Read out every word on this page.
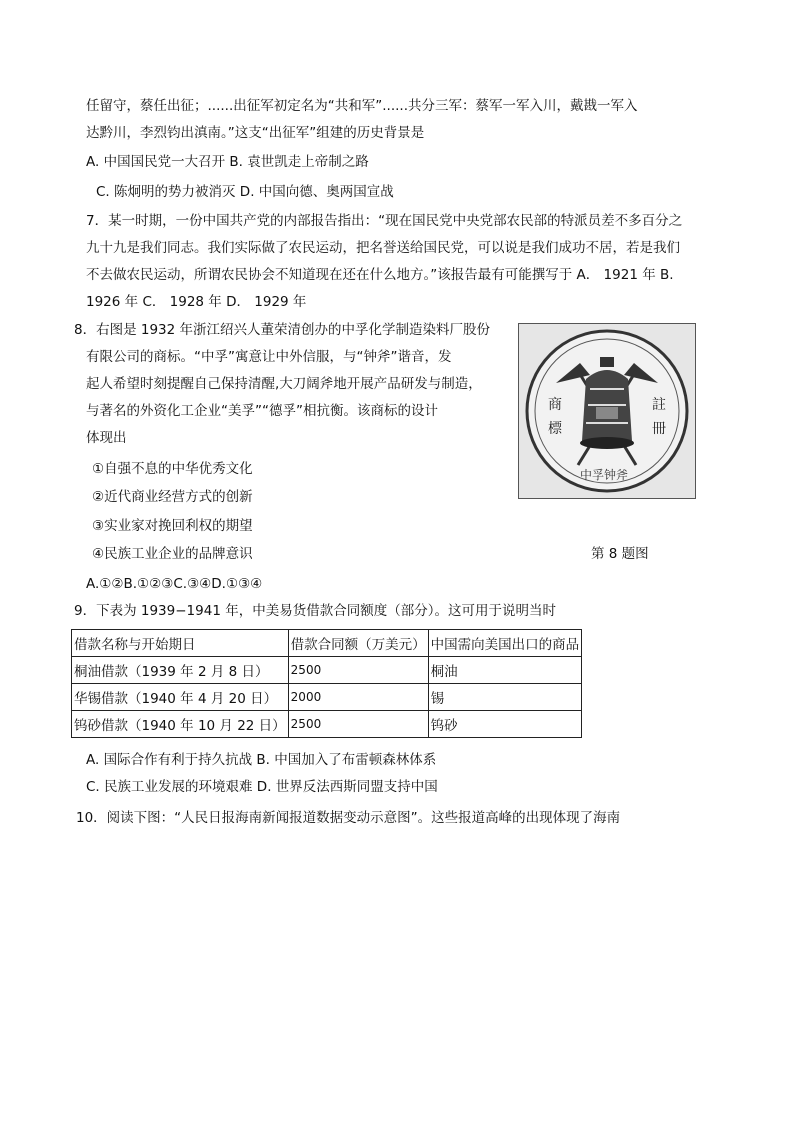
任留守，蔡任出征；......出征军初定名为“共和军”......共分三军：蔡军一军入川，戴戡一军入
达黔川，李烈钧出滇南。”这支“出征军”组建的历史背景是
A. 中国国民党一大召开 B. 袁世凯走上帝制之路
C. 陈炯明的势力被消灭 D. 中国向德、奥两国宣战
7．某一时期，一份中国共产党的内部报告指出：“现在国民党中央党部农民部的特派员差不多百分之
九十九是我们同志。我们实际做了农民运动，把名誉送给国民党，可以说是我们成功不居，若是我们
不去做农民运动，所谓农民协会不知道现在还在什么地方。”该报告最有可能撰写于 A． 1921 年 B.
1926 年 C． 1928 年 D． 1929 年
8．右图是 1932 年浙江绍兴人董荣清创办的中孚化学制造染料厂股份
有限公司的商标。“中孚”寓意让中外信服，与“钟斧”谐音，发
起人希望时刻提醒自己保持清醒,大刀阔斧地开展产品研发与制造，
与著名的外资化工企业“美孚”“德孚”相抗衡。该商标的设计
体现出
①自强不息的中华优秀文化
②近代商业经营方式的创新
③实业家对挽回利权的期望
④民族工业企业的品牌意识	第 8 题图
A.①②B.①②③C.③④D.①③④
商
標
註
冊
中孚钟斧
9．下表为 1939−1941 年，中美易货借款合同额度（部分）。这可用于说明当时
借款名称与开始期日	借款合同额（万美元）	中国需向美国出口的商品
桐油借款（1939 年 2 月 8 日）	2500	桐油
华锡借款（1940 年 4 月 20 日）	2000	锡
钨砂借款（1940 年 10 月 22 日）	2500	钨砂
A. 国际合作有利于持久抗战 B. 中国加入了布雷顿森林体系
C. 民族工业发展的环境艰难 D. 世界反法西斯同盟支持中国
10．阅读下图：“人民日报海南新闻报道数据变动示意图”。这些报道高峰的出现体现了海南
